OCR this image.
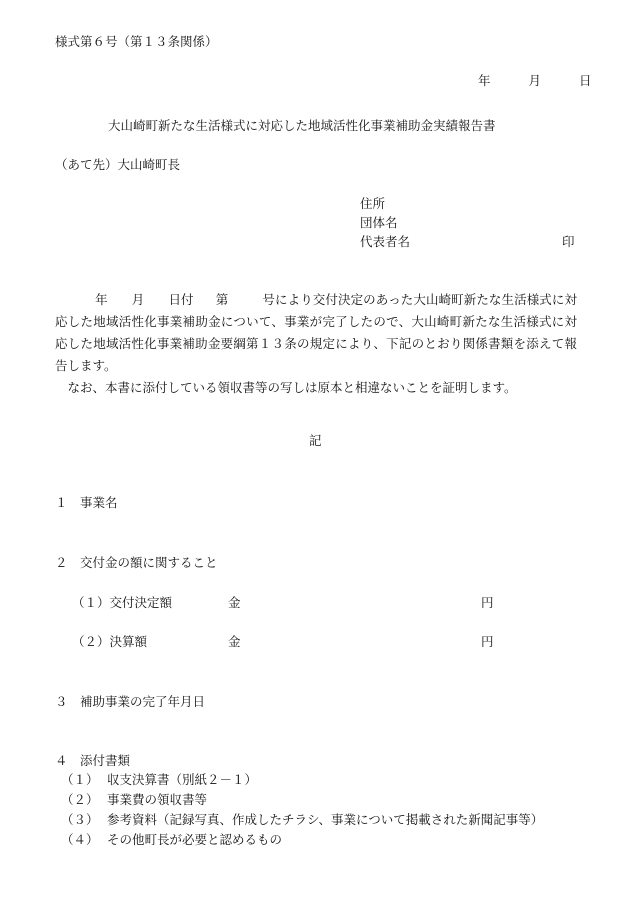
様式第６号（第１３条関係）
年	月	日
大山崎町新たな生活様式に対応した地域活性化事業補助金実績報告書
（あて先）大山崎町長
住所
団体名
代表者名	印

年 月 日付 第	号により交付決定のあった大山崎町新たな生活様式に対応した地域活性化事業補助金について、事業が完了したので、大山崎町新たな生活様式に対応した地域活性化事業補助金要綱第１３条の規定により、下記のとおり関係書類を添えて報告します。

なお、本書に添付している領収書等の写しは原本と相違ないことを証明します。

記
１　事業名
２　交付金の額に関すること
（１）交付決定額	金	円
（２）決算額	金	円
３　補助事業の完了年月日
４　添付書類
（１） 収支決算書（別紙２－１）
（２） 事業費の領収書等
（３） 参考資料（記録写真、作成したチラシ、事業について掲載された新聞記事等）
（４） その他町長が必要と認めるもの
